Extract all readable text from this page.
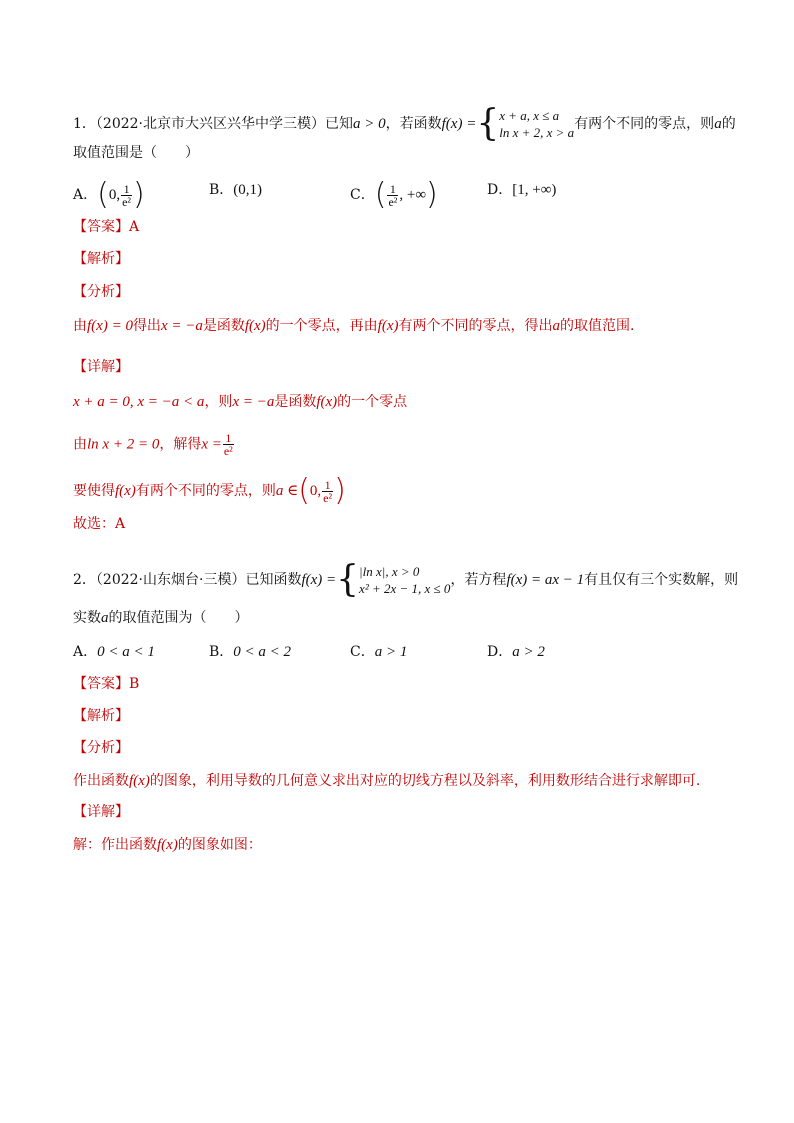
1．（2022·北京市大兴区兴华中学三模）已知a > 0，若函数f(x) ={ x + a, x ≤ a
ln x + 2, x > a
有两个不同的零点，则a的
取值范围是（　　）
A．(0, $\frac{1}{\text{e²}}$ )	B．(0,1)	C．( $\frac{1}{\text{e²}}$ , +∞)	D．[1, +∞)
【答案】A
【解析】
【分析】
由f(x) = 0得出x = −a是函数f(x)的一个零点，再由f(x)有两个不同的零点，得出a的取值范围.
【详解】
x + a = 0, x = −a < a，则x = −a是函数f(x)的一个零点
由ln x + 2 = 0，解得$x = \frac{1}{\text{e²}}$
要使得f(x)有两个不同的零点，则a ∈(0, $\frac{1}{\text{e²}}$ )
故选：A
2．（2022·山东烟台·三模）已知函数f(x) ={ |ln x|, x > 0
x² + 2x − 1, x ≤ 0
，若方程f(x) = ax − 1有且仅有三个实数解，则
实数a的取值范围为（　　）
A．0 < a < 1	B．0 < a < 2	C．a > 1	D．a > 2
【答案】B
【解析】
【分析】
作出函数f(x)的图象，利用导数的几何意义求出对应的切线方程以及斜率，利用数形结合进行求解即可.
【详解】
解：作出函数f(x)的图象如图：
